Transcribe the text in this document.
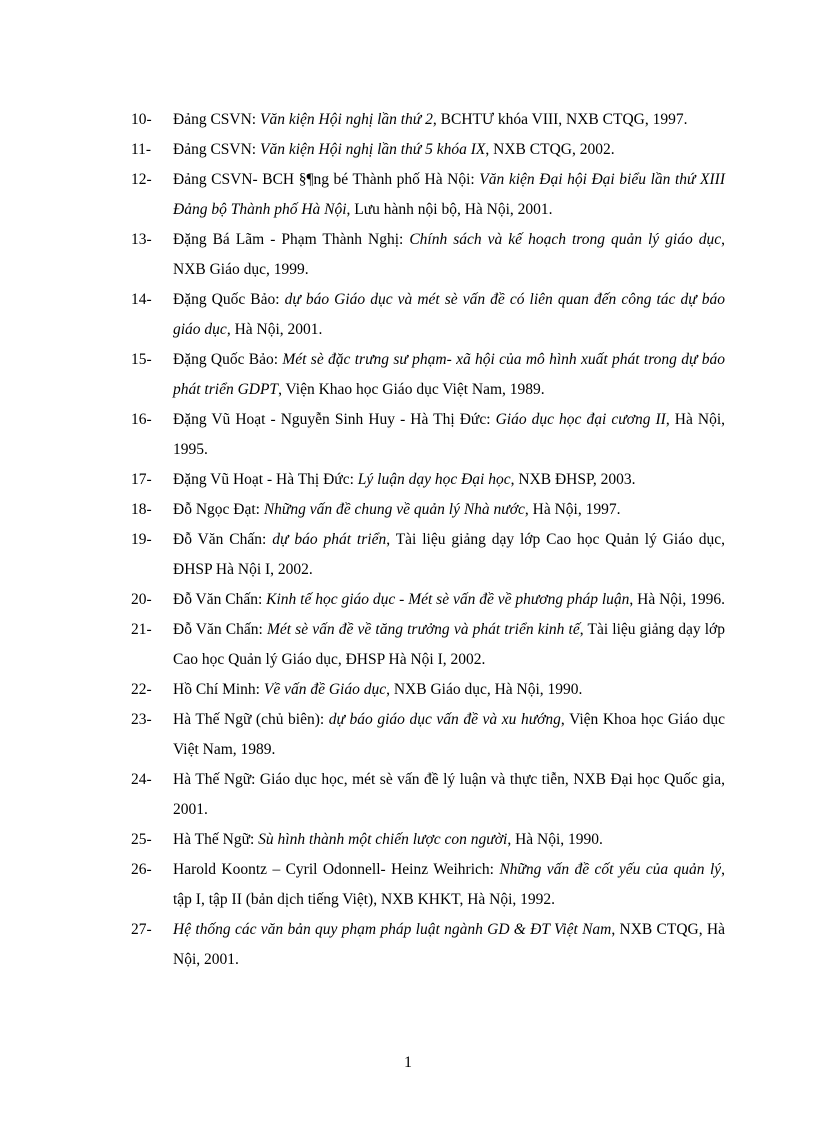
10- Đảng CSVN: Văn kiện Hội nghị lần thứ 2, BCHTƯ khóa VIII, NXB CTQG, 1997.
11- Đảng CSVN: Văn kiện Hội nghị lần thứ 5 khóa IX, NXB CTQG, 2002.
12- Đảng CSVN- BCH §¶ng bé Thành phố Hà Nội: Văn kiện Đại hội Đại biểu lần thứ XIII Đảng bộ Thành phố Hà Nội, Lưu hành nội bộ, Hà Nội, 2001.
13- Đặng Bá Lãm - Phạm Thành Nghị: Chính sách và kế hoạch trong quản lý giáo dục, NXB Giáo dục, 1999.
14- Đặng Quốc Bảo: dự báo Giáo dục và mét sè vấn đề có liên quan đến công tác dự báo giáo dục, Hà Nội, 2001.
15- Đặng Quốc Bảo: Mét sè đặc trưng sư phạm- xã hội của mô hình xuất phát trong dự báo phát triển GDPT, Viện Khao học Giáo dục Việt Nam, 1989.
16- Đặng Vũ Hoạt - Nguyễn Sinh Huy - Hà Thị Đức: Giáo dục học đại cương II, Hà Nội, 1995.
17- Đặng Vũ Hoạt - Hà Thị Đức: Lý luận dạy học Đại học, NXB ĐHSP, 2003.
18- Đỗ Ngọc Đạt: Những vấn đề chung về quản lý Nhà nước, Hà Nội, 1997.
19- Đỗ Văn Chấn: dự báo phát triển, Tài liệu giảng dạy lớp Cao học Quản lý Giáo dục, ĐHSP Hà Nội I, 2002.
20- Đỗ Văn Chấn: Kinh tế học giáo dục - Mét sè vấn đề về phương pháp luận, Hà Nội, 1996.
21- Đỗ Văn Chấn: Mét sè vấn đề về tăng trưởng và phát triển kinh tế, Tài liệu giảng dạy lớp Cao học Quản lý Giáo dục, ĐHSP Hà Nội I, 2002.
22- Hồ Chí Minh: Về vấn đề Giáo dục, NXB Giáo dục, Hà Nội, 1990.
23- Hà Thế Ngữ (chủ biên): dự báo giáo dục vấn đề và xu hướng, Viện Khoa học Giáo dục Việt Nam, 1989.
24- Hà Thế Ngữ: Giáo dục học, mét sè vấn đề lý luận và thực tiễn, NXB Đại học Quốc gia, 2001.
25- Hà Thế Ngữ: Sù hình thành một chiến lược con người, Hà Nội, 1990.
26- Harold Koontz – Cyril Odonnell- Heinz Weihrich: Những vấn đề cốt yếu của quản lý, tập I, tập II (bản dịch tiếng Việt), NXB KHKT, Hà Nội, 1992.
27- Hệ thống các văn bản quy phạm pháp luật ngành GD & ĐT Việt Nam, NXB CTQG, Hà Nội, 2001.
1
